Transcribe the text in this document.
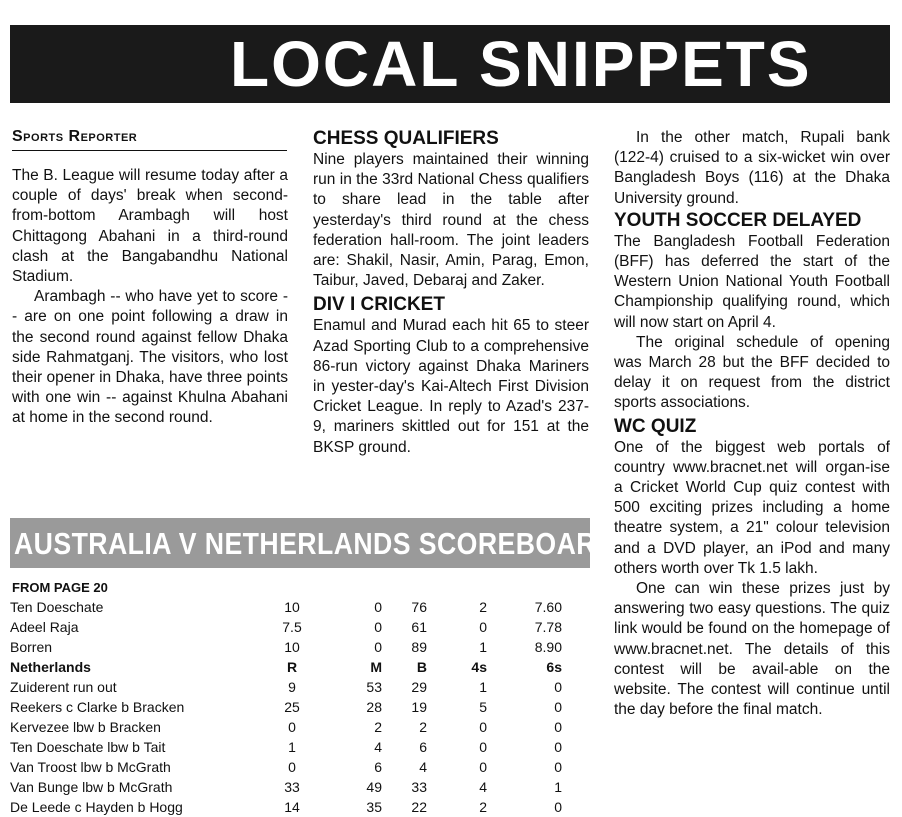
LOCAL SNIPPETS
Sports Reporter

The B. League will resume today after a couple of days' break when second-from-bottom Arambagh will host Chittagong Abahani in a third-round clash at the Bangabandhu National Stadium.

Arambagh -- who have yet to score -- are on one point following a draw in the second round against fellow Dhaka side Rahmatganj. The visitors, who lost their opener in Dhaka, have three points with one win -- against Khulna Abahani at home in the second round.

CHESS QUALIFIERS

Nine players maintained their winning run in the 33rd National Chess qualifiers to share lead in the table after yesterday's third round at the chess federation hall-room. The joint leaders are: Shakil, Nasir, Amin, Parag, Emon, Taibur, Javed, Debaraj and Zaker.

DIV I CRICKET

Enamul and Murad each hit 65 to steer Azad Sporting Club to a comprehensive 86-run victory against Dhaka Mariners in yester-day's Kai-Altech First Division Cricket League. In reply to Azad's 237-9, mariners skittled out for 151 at the BKSP ground.

In the other match, Rupali bank (122-4) cruised to a six-wicket win over Bangladesh Boys (116) at the Dhaka University ground.

YOUTH SOCCER DELAYED

The Bangladesh Football Federation (BFF) has deferred the start of the Western Union National Youth Football Championship qualifying round, which will now start on April 4.

The original schedule of opening was March 28 but the BFF decided to delay it on request from the district sports associations.

WC QUIZ

One of the biggest web portals of country www.bracnet.net will organ-ise a Cricket World Cup quiz contest with 500 exciting prizes including a home theatre system, a 21" colour television and a DVD player, an iPod and many others worth over Tk 1.5 lakh.

One can win these prizes just by answering two easy questions. The quiz link would be found on the homepage of www.bracnet.net. The details of this contest will be avail-able on the website. The contest will continue until the day before the final match.

AUSTRALIA V NETHERLANDS SCOREBOARD
FROM PAGE 20
Ten Doeschate	10	0	76	2	7.60
Adeel Raja	7.5	0	61	0	7.78
Borren	10	0	89	1	8.90
Netherlands	R	M	B	4s	6s
Zuiderent run out	9	53	29	1	0
Reekers c Clarke b Bracken	25	28	19	5	0
Kervezee lbw b Bracken	0	2	2	0	0
Ten Doeschate lbw b Tait	1	4	6	0	0
Van Troost lbw b McGrath	0	6	4	0	0
Van Bunge lbw b McGrath	33	49	33	4	1
De Leede c Hayden b Hogg	14	35	22	2	0
